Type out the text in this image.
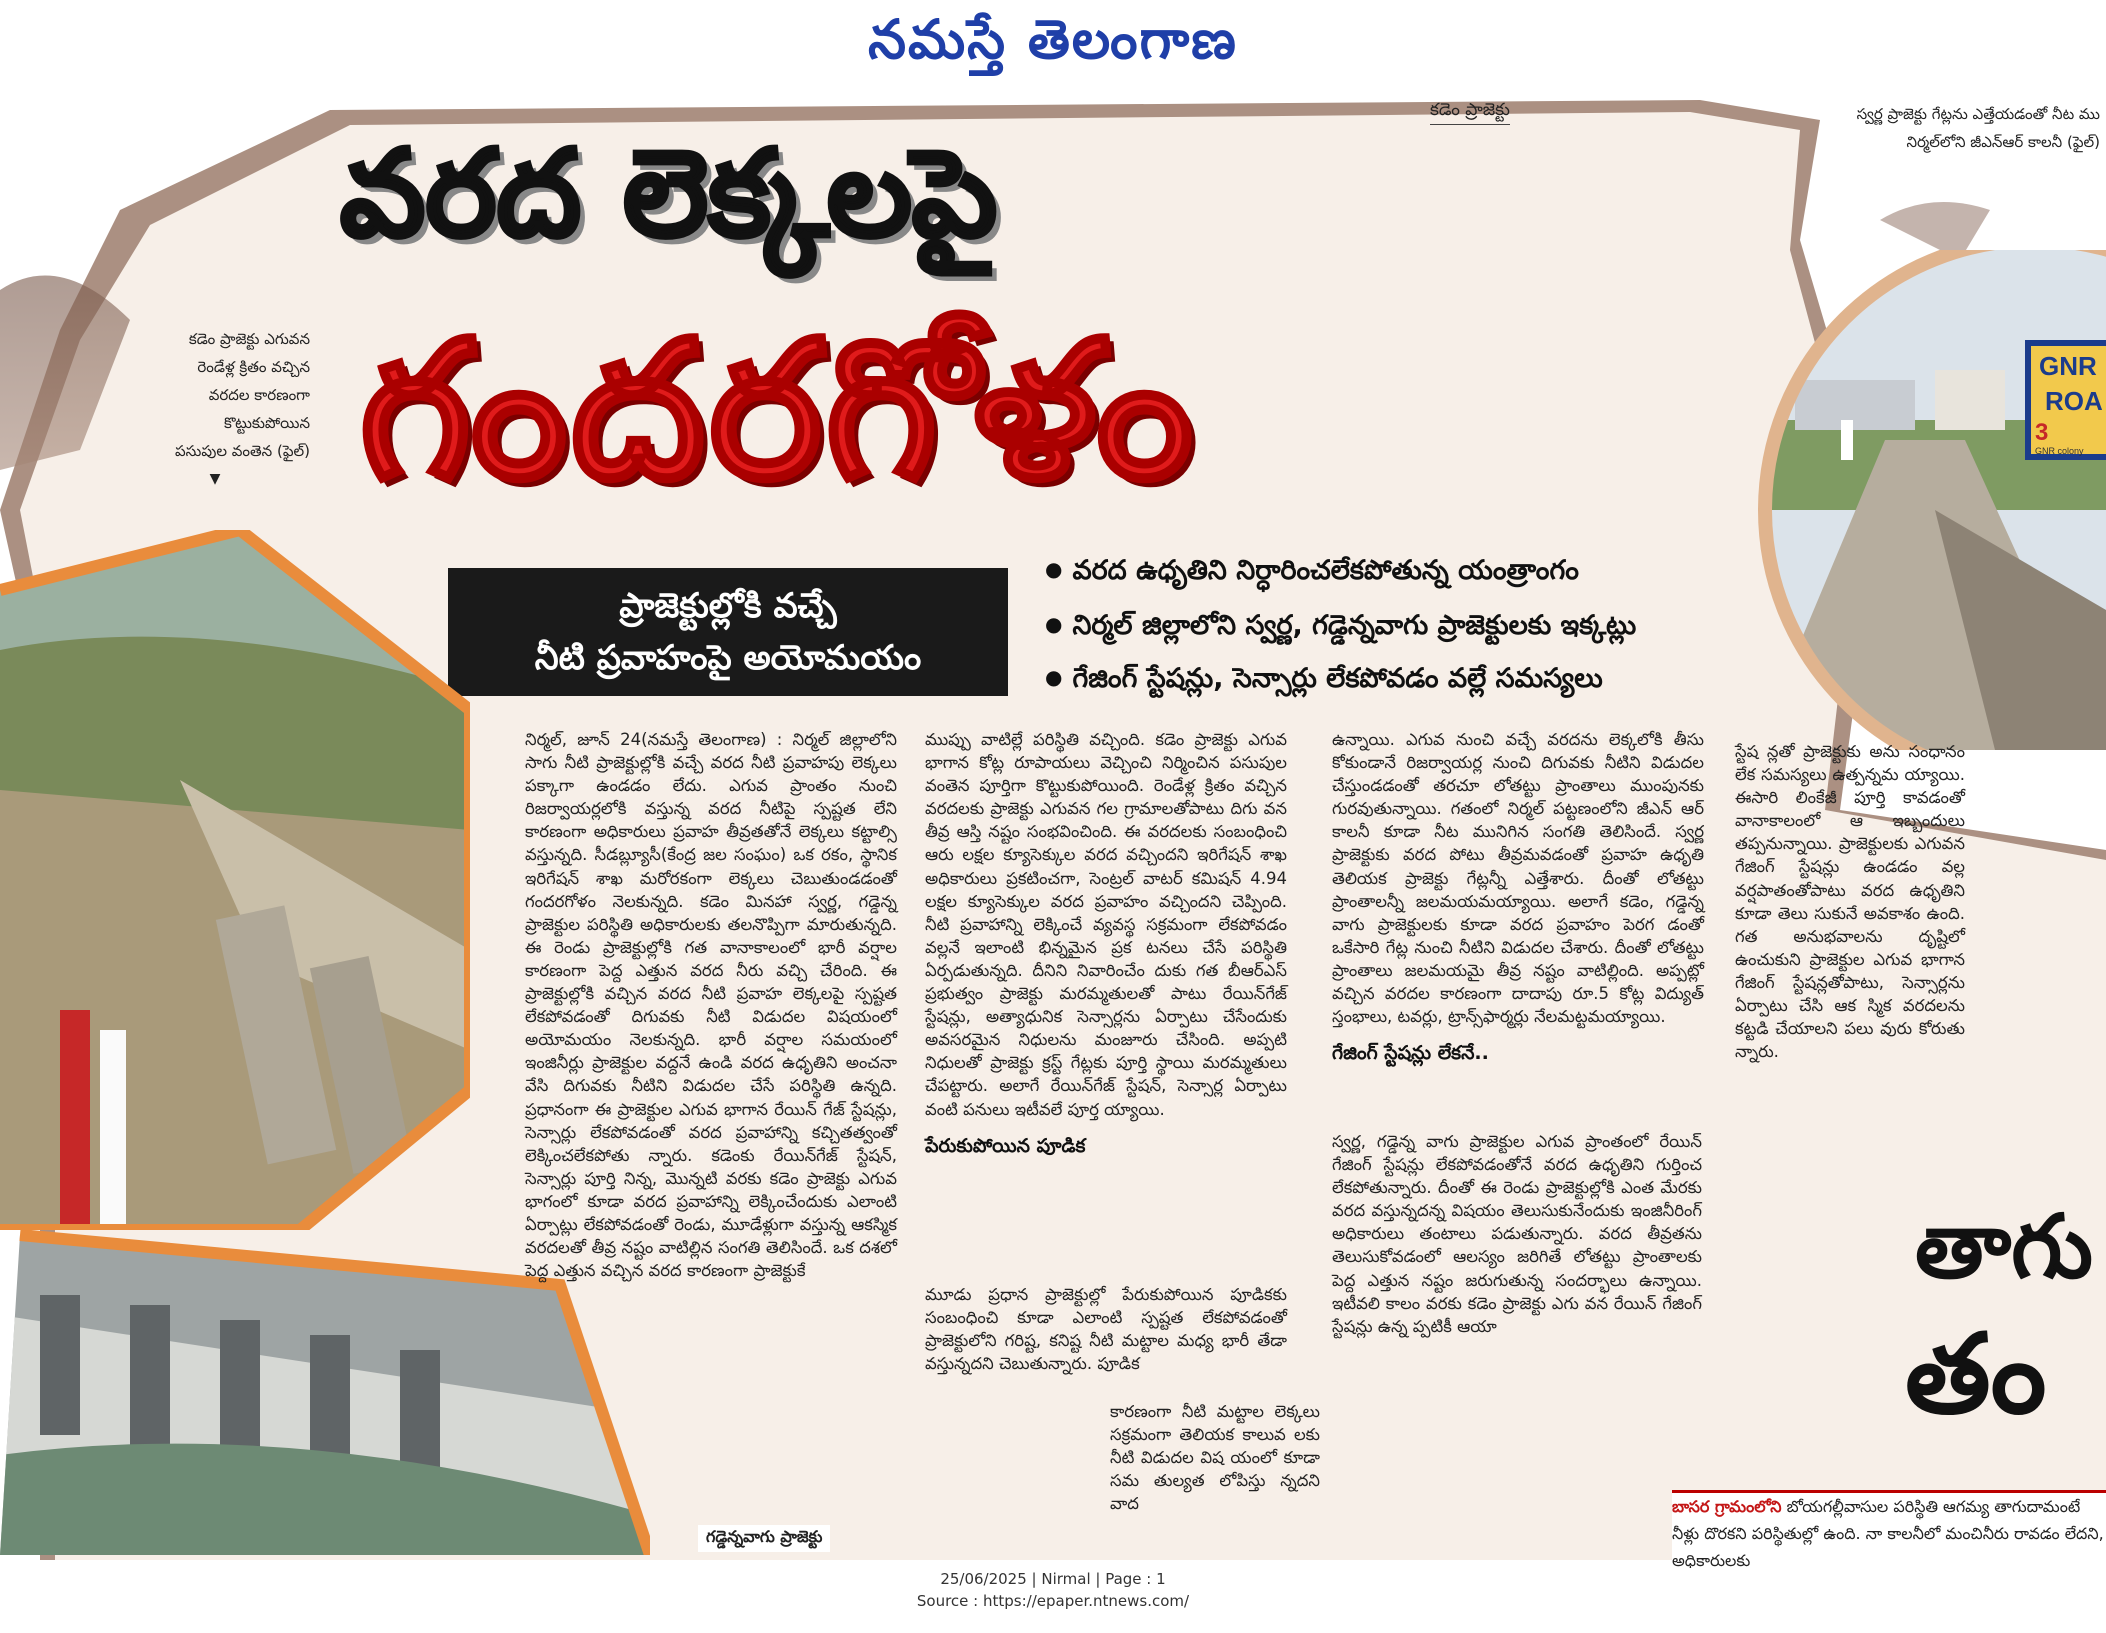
నమస్తే తెలంగాణ
కడెం ప్రాజెక్టు	స్వర్ణ ప్రాజెక్టు గేట్లను ఎత్తేయడంతో నీట ము
నిర్మల్‌లోని జీఎన్‌ఆర్ కాలనీ (ఫైల్)
కడెం ప్రాజెక్టు ఎగువన
రెండేళ్ల క్రితం వచ్చిన
వరదల కారణంగా
కొట్టుకుపోయిన
పసుపుల వంతెన (ఫైల్)
▼
వరద లెక్కలపై
గందరగోళం
ప్రాజెక్టుల్లోకి వచ్చే
నీటి ప్రవాహంపై అయోమయం
● వరద ఉధృతిని నిర్ధారించలేకపోతున్న యంత్రాంగం
● నిర్మల్ జిల్లాలోని స్వర్ణ, గడ్డెన్నవాగు ప్రాజెక్టులకు ఇక్కట్లు
● గేజింగ్ స్టేషన్లు, సెన్సార్లు లేకపోవడం వల్లే సమస్యలు
GNR
ROA
3
GNR colony

నిర్మల్, జూన్ 24(నమస్తే తెలంగాణ) : నిర్మల్ జిల్లాలోని సాగు నీటి ప్రాజెక్టుల్లోకి వచ్చే వరద నీటి ప్రవాహపు లెక్కలు పక్కాగా ఉండడం లేదు. ఎగువ ప్రాంతం నుంచి రిజర్వాయర్లలోకి వస్తున్న వరద నీటిపై స్పష్టత లేని కారణంగా అధికారులు ప్రవాహ తీవ్రతతోనే లెక్కలు కట్టాల్సి వస్తున్నది. సీడబ్ల్యూసీ(కేంద్ర జల సంఘం) ఒక రకం, స్థానిక ఇరిగేషన్ శాఖ మరోరకంగా లెక్కలు చెబుతుండడంతో గందరగోళం నెలకున్నది. కడెం మినహా స్వర్ణ, గడ్డెన్న ప్రాజెక్టుల పరిస్థితి అధికారులకు తలనొప్పిగా మారుతున్నది. ఈ రెండు ప్రాజెక్టుల్లోకి గత వానాకాలంలో భారీ వర్షాల కారణంగా పెద్ద ఎత్తున వరద నీరు వచ్చి చేరింది. ఈ ప్రాజెక్టుల్లోకి వచ్చిన వరద నీటి ప్రవాహ లెక్కలపై స్పష్టత లేకపోవడంతో దిగువకు నీటి విడుదల విషయంలో అయోమయం నెలకున్నది. భారీ వర్షాల సమయంలో ఇంజినీర్లు ప్రాజెక్టుల వద్దనే ఉండి వరద ఉధృతిని అంచనా వేసి దిగువకు నీటిని విడుదల చేసే పరిస్థితి ఉన్నది. ప్రధానంగా ఈ ప్రాజెక్టుల ఎగువ భాగాన రేయిన్ గేజ్ స్టేషన్లు, సెన్సార్లు లేకపోవడంతో వరద ప్రవాహాన్ని కచ్చితత్వంతో లెక్కించలేకపోతు న్నారు. కడెంకు రేయిన్‌గేజ్ స్టేషన్, సెన్సార్లు పూర్తి నిన్న, మొన్నటి వరకు కడెం ప్రాజెక్టు ఎగువ భాగంలో కూడా వరద ప్రవాహాన్ని లెక్కించేందుకు ఎలాంటి ఏర్పాట్లు లేకపోవడంతో రెండు, మూడేళ్లుగా వస్తున్న ఆకస్మిక వరదలతో తీవ్ర నష్టం వాటిల్లిన సంగతి తెలిసిందే. ఒక దశలో పెద్ద ఎత్తున వచ్చిన వరద కారణంగా ప్రాజెక్టుకే

ముప్పు వాటిల్లే పరిస్థితి వచ్చింది. కడెం ప్రాజెక్టు ఎగువ భాగాన కోట్ల రూపాయలు వెచ్చించి నిర్మించిన పసుపుల వంతెన పూర్తిగా కొట్టుకుపోయింది. రెండేళ్ల క్రితం వచ్చిన వరదలకు ప్రాజెక్టు ఎగువన గల గ్రామాలతోపాటు దిగు వన తీవ్ర ఆస్తి నష్టం సంభవించింది. ఈ వరదలకు సంబంధించి ఆరు లక్షల క్యూసెక్కుల వరద వచ్చిందని ఇరిగేషన్ శాఖ అధికారులు ప్రకటించగా, సెంట్రల్ వాటర్ కమిషన్ 4.94 లక్షల క్యూసెక్కుల వరద ప్రవాహం వచ్చిందని చెప్పింది. నీటి ప్రవాహాన్ని లెక్కించే వ్యవస్థ సక్రమంగా లేకపోవడం వల్లనే ఇలాంటి భిన్నమైన ప్రక టనలు చేసే పరిస్థితి ఏర్పడుతున్నది. దీనిని నివారించేం దుకు గత బీఆర్‌ఎస్ ప్రభుత్వం ప్రాజెక్టు మరమ్మతులతో పాటు రేయిన్‌గేజ్ స్టేషన్లు, అత్యాధునిక సెన్సార్లను ఏర్పాటు చేసేందుకు అవసరమైన నిధులను మంజూరు చేసింది. అప్పటి నిధులతో ప్రాజెక్టు క్రస్ట్ గేట్లకు పూర్తి స్థాయి మరమ్మతులు చేపట్టారు. అలాగే రేయిన్‌గేజ్ స్టేషన్, సెన్సార్ల ఏర్పాటు వంటి పనులు ఇటీవలే పూర్త య్యాయి.

పేరుకుపోయిన పూడిక

మూడు ప్రధాన ప్రాజెక్టుల్లో పేరుకుపోయిన పూడికకు సంబంధించి కూడా ఎలాంటి స్పష్టత లేకపోవడంతో ప్రాజెక్టులోని గరిష్ట, కనిష్ట నీటి మట్టాల మధ్య భారీ తేడా వస్తున్నదని చెబుతున్నారు. పూడిక

కారణంగా నీటి మట్టాల లెక్కలు సక్రమంగా తెలియక కాలువ లకు నీటి విడుదల విష యంలో కూడా సమ తుల్యత లోపిస్తు న్నదని వాద

ఉన్నాయి. ఎగువ నుంచి వచ్చే వరదను లెక్కలోకి తీసు కోకుండానే రిజర్వాయర్ల నుంచి దిగువకు నీటిని విడుదల చేస్తుండడంతో తరచూ లోతట్టు ప్రాంతాలు ముంపునకు గురవుతున్నాయి. గతంలో నిర్మల్ పట్టణంలోని జీఎన్ ఆర్ కాలనీ కూడా నీట మునిగిన సంగతి తెలిసిందే. స్వర్ణ ప్రాజెక్టుకు వరద పోటు తీవ్రమవడంతో ప్రవాహ ఉధృతి తెలియక ప్రాజెక్టు గేట్లన్నీ ఎత్తేశారు. దీంతో లోతట్టు ప్రాంతాలన్నీ జలమయమయ్యాయి. అలాగే కడెం, గడ్డెన్న వాగు ప్రాజెక్టులకు కూడా వరద ప్రవాహం పెరగ డంతో ఒకేసారి గేట్ల నుంచి నీటిని విడుదల చేశారు. దీంతో లోతట్టు ప్రాంతాలు జలమయమై తీవ్ర నష్టం వాటిల్లింది. అప్పట్లో వచ్చిన వరదల కారణంగా దాదాపు రూ.5 కోట్ల విద్యుత్ స్తంభాలు, టవర్లు, ట్రాన్స్‌ఫార్మర్లు నేలమట్టమయ్యాయి.

గేజింగ్ స్టేషన్లు లేకనే..

స్వర్ణ, గడ్డెన్న వాగు ప్రాజెక్టుల ఎగువ ప్రాంతంలో రేయిన్ గేజింగ్ స్టేషన్లు లేకపోవడంతోనే వరద ఉధృతిని గుర్తించ లేకపోతున్నారు. దీంతో ఈ రెండు ప్రాజెక్టుల్లోకి ఎంత మేరకు వరద వస్తున్నదన్న విషయం తెలుసుకునేందుకు ఇంజినీరింగ్ అధికారులు తంటాలు పడుతున్నారు. వరద తీవ్రతను తెలుసుకోవడంలో ఆలస్యం జరిగితే లోతట్టు ప్రాంతాలకు పెద్ద ఎత్తున నష్టం జరుగుతున్న సందర్భాలు ఉన్నాయి. ఇటీవలి కాలం వరకు కడెం ప్రాజెక్టు ఎగు వన రేయిన్ గేజింగ్ స్టేషన్లు ఉన్న ప్పటికీ ఆయా

స్టేష న్లతో ప్రాజెక్టుకు అను సంధానం లేక సమస్యలు ఉత్పన్నమ య్యాయి. ఈసారి లింకేజీ పూర్తి కావడంతో వానాకాలంలో ఆ ఇబ్బందులు తప్పనున్నాయి. ప్రాజెక్టులకు ఎగువన గేజింగ్ స్టేషన్లు ఉండడం వల్ల వర్షపాతంతోపాటు వరద ఉధృతిని కూడా తెలు సుకునే అవకాశం ఉంది. గత అనుభవాలను దృష్టిలో ఉంచుకుని ప్రాజెక్టుల ఎగువ భాగాన గేజింగ్ స్టేషన్లతోపాటు, సెన్సార్లను ఏర్పాటు చేసి ఆక స్మిక వరదలను కట్టడి చేయాలని పలు వురు కోరుతు న్నారు.

గడ్డెన్నవాగు ప్రాజెక్టు
తాగు
తం
బాసర గ్రామంలోని బోయగల్లీవాసుల పరిస్థితి ఆగమ్య తాగుదామంటే నీళ్లు దొరకని పరిస్థితుల్లో ఉంది. నా కాలనీలో మంచినీరు రావడం లేదని, అధికారులకు
25/06/2025 | Nirmal | Page : 1
Source : https://epaper.ntnews.com/
